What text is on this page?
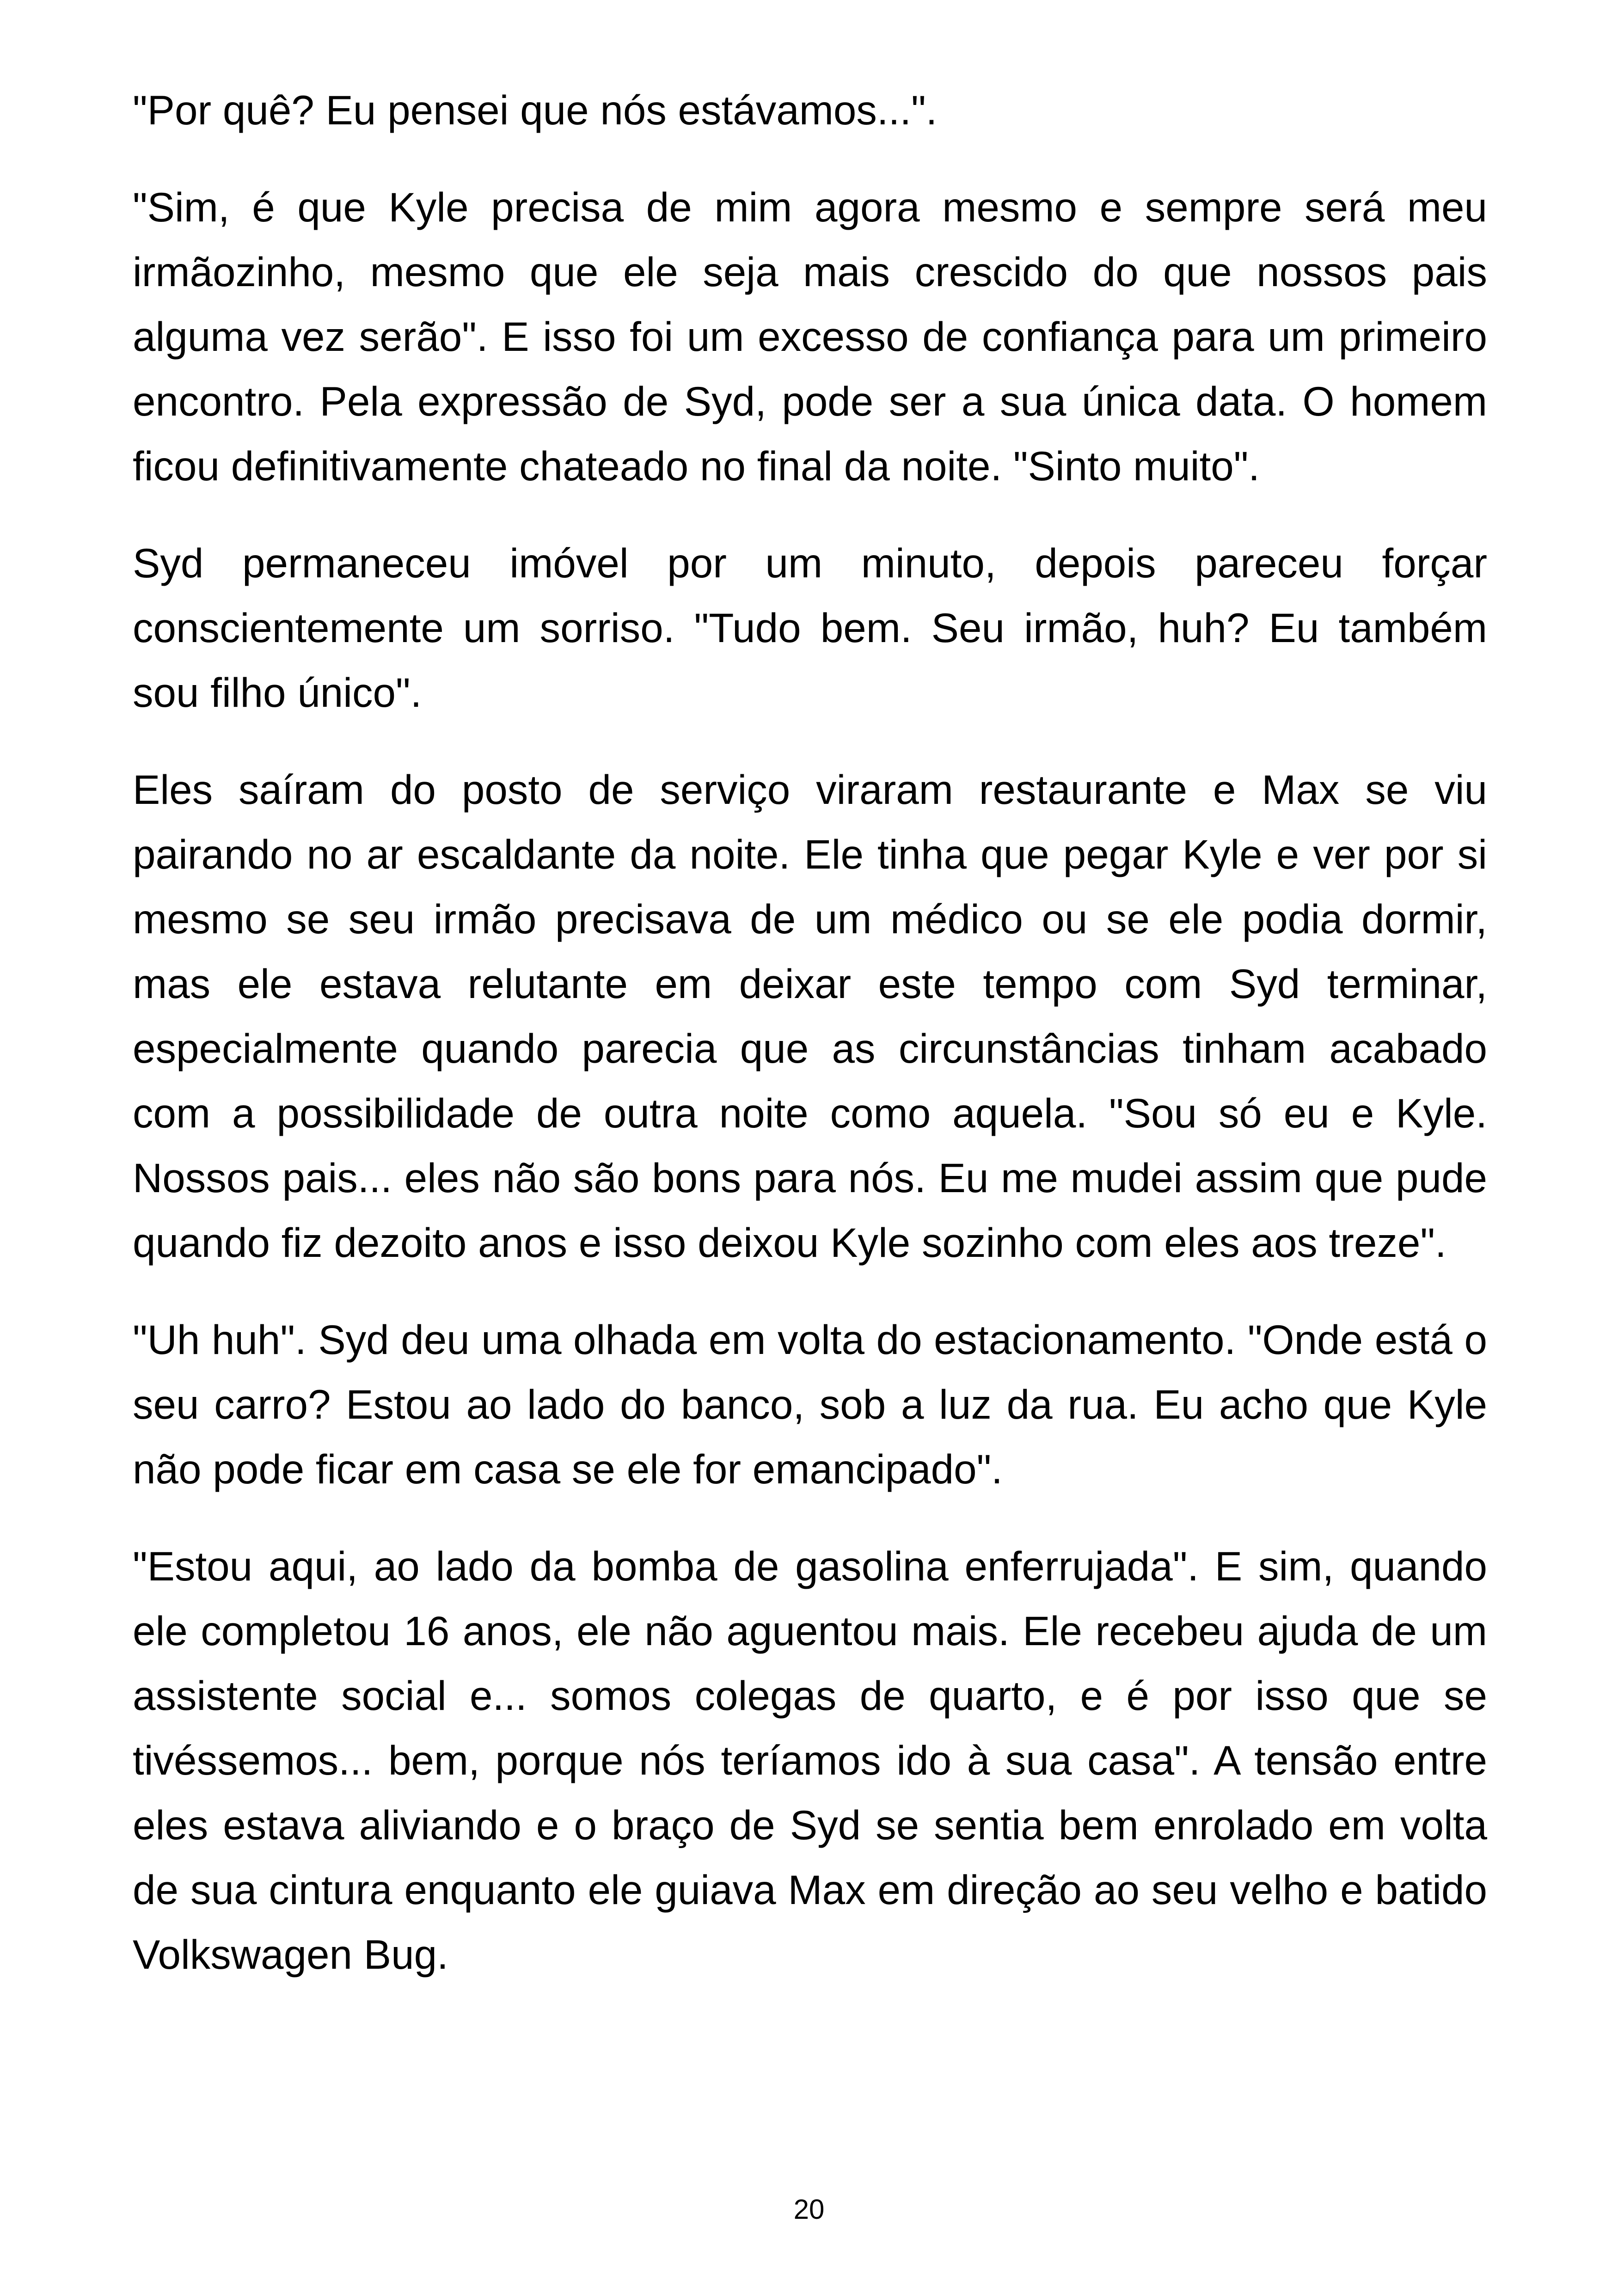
"Por quê? Eu pensei que nós estávamos...".

"Sim, é que Kyle precisa de mim agora mesmo e sempre será meu irmãozinho, mesmo que ele seja mais crescido do que nossos pais alguma vez serão". E isso foi um excesso de confiança para um primeiro encontro. Pela expressão de Syd, pode ser a sua única data. O homem ficou definitivamente chateado no final da noite. "Sinto muito".

Syd permaneceu imóvel por um minuto, depois pareceu forçar conscientemente um sorriso. "Tudo bem. Seu irmão, huh? Eu também sou filho único".

Eles saíram do posto de serviço viraram restaurante e Max se viu pairando no ar escaldante da noite. Ele tinha que pegar Kyle e ver por si mesmo se seu irmão precisava de um médico ou se ele podia dormir, mas ele estava relutante em deixar este tempo com Syd terminar, especialmente quando parecia que as circunstâncias tinham acabado com a possibilidade de outra noite como aquela. "Sou só eu e Kyle. Nossos pais... eles não são bons para nós. Eu me mudei assim que pude quando fiz dezoito anos e isso deixou Kyle sozinho com eles aos treze".

"Uh huh". Syd deu uma olhada em volta do estacionamento. "Onde está o seu carro? Estou ao lado do banco, sob a luz da rua. Eu acho que Kyle não pode ficar em casa se ele for emancipado".

"Estou aqui, ao lado da bomba de gasolina enferrujada". E sim, quando ele completou 16 anos, ele não aguentou mais. Ele recebeu ajuda de um assistente social e... somos colegas de quarto, e é por isso que se tivéssemos... bem, porque nós teríamos ido à sua casa". A tensão entre eles estava aliviando e o braço de Syd se sentia bem enrolado em volta de sua cintura enquanto ele guiava Max em direção ao seu velho e batido Volkswagen Bug.

20
